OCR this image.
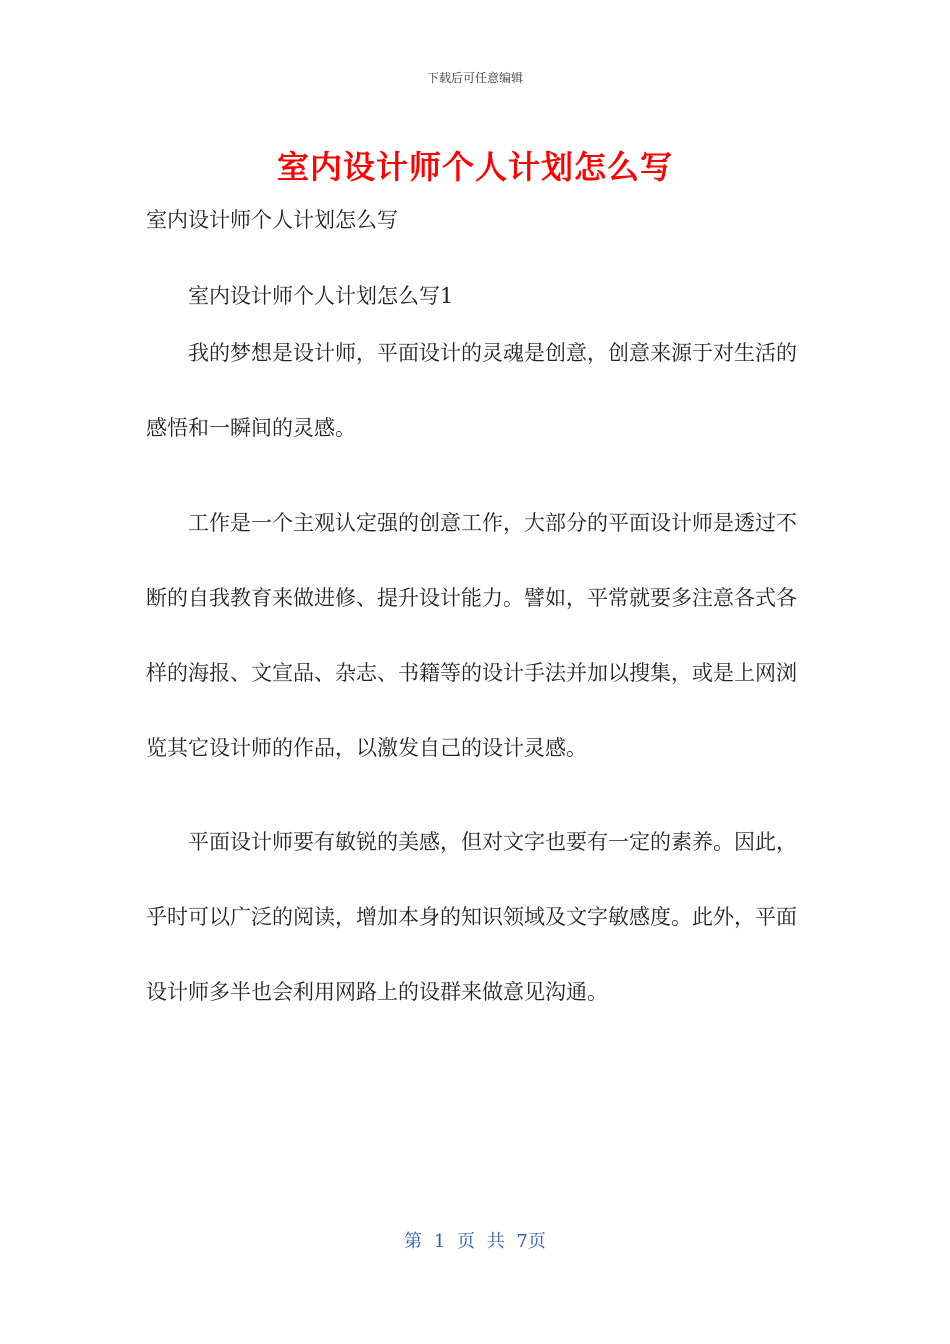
下载后可任意编辑
室内设计师个人计划怎么写

室内设计师个人计划怎么写

室内设计师个人计划怎么写1

我的梦想是设计师，平面设计的灵魂是创意，创意来源于对生活的感悟和一瞬间的灵感。

工作是一个主观认定强的创意工作，大部分的平面设计师是透过不断的自我教育来做进修、提升设计能力。譬如，平常就要多注意各式各样的海报、文宣品、杂志、书籍等的设计手法并加以搜集，或是上网浏览其它设计师的作品，以激发自己的设计灵感。

平面设计师要有敏锐的美感，但对文字也要有一定的素养。因此，乎时可以广泛的阅读，增加本身的知识领域及文字敏感度。此外，平面设计师多半也会利用网路上的设群来做意见沟通。

第 1 页 共 7页
